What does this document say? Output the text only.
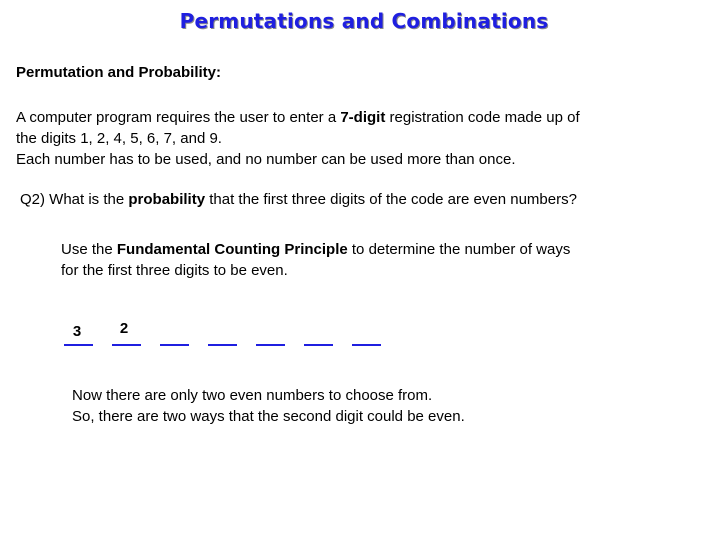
Permutations and Combinations
Permutation and Probability:
A computer program requires the user to enter a 7-digit registration code made up of
the digits 1, 2, 4, 5, 6, 7, and 9.
Each number has to be used, and no number can be used more than once.
Q2) What is the probability that the first three digits of the code are even numbers?
Use the Fundamental Counting Principle to determine the number of ways
for the first three digits to be even.
3	2
Now there are only two even numbers to choose from.
So, there are two ways that the second digit could be even.
